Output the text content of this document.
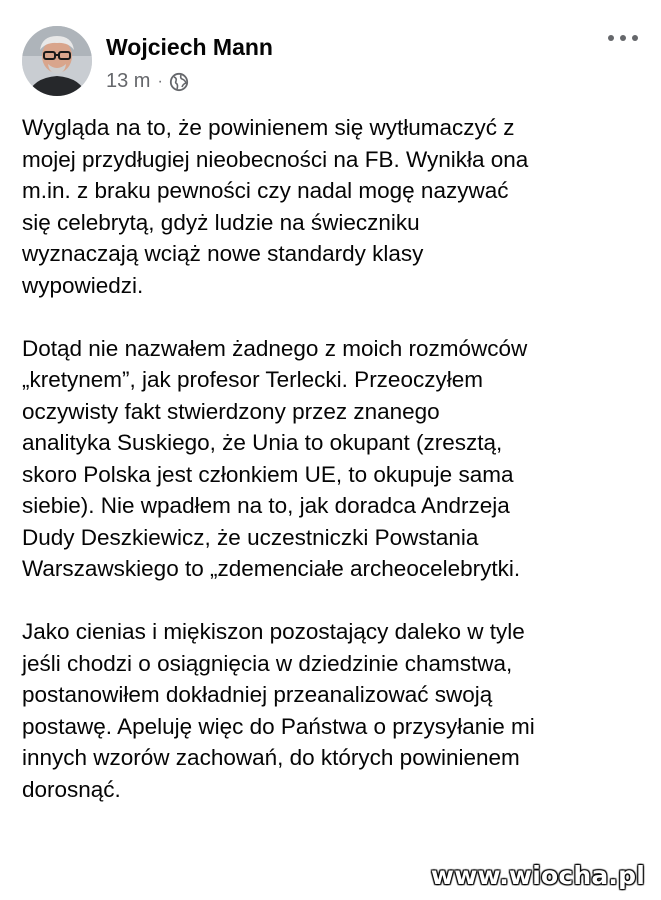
Wojciech Mann
13 m ·

Wygląda na to, że powinienem się wytłumaczyć z
mojej przydługiej nieobecności na FB. Wynikła ona
m.in. z braku pewności czy nadal mogę nazywać
się celebrytą, gdyż ludzie na świeczniku
wyznaczają wciąż nowe standardy klasy
wypowiedzi.

Dotąd nie nazwałem żadnego z moich rozmówców
„kretynem”, jak profesor Terlecki. Przeoczyłem
oczywisty fakt stwierdzony przez znanego
analityka Suskiego, że Unia to okupant (zresztą,
skoro Polska jest członkiem UE, to okupuje sama
siebie). Nie wpadłem na to, jak doradca Andrzeja
Dudy Deszkiewicz, że uczestniczki Powstania
Warszawskiego to „zdemenciałe archeocelebrytki.

Jako cienias i miękiszon pozostający daleko w tyle
jeśli chodzi o osiągnięcia w dziedzinie chamstwa,
postanowiłem dokładniej przeanalizować swoją
postawę. Apeluję więc do Państwa o przysyłanie mi
innych wzorów zachowań, do których powinienem
dorosnąć.

www.wiocha.pl
